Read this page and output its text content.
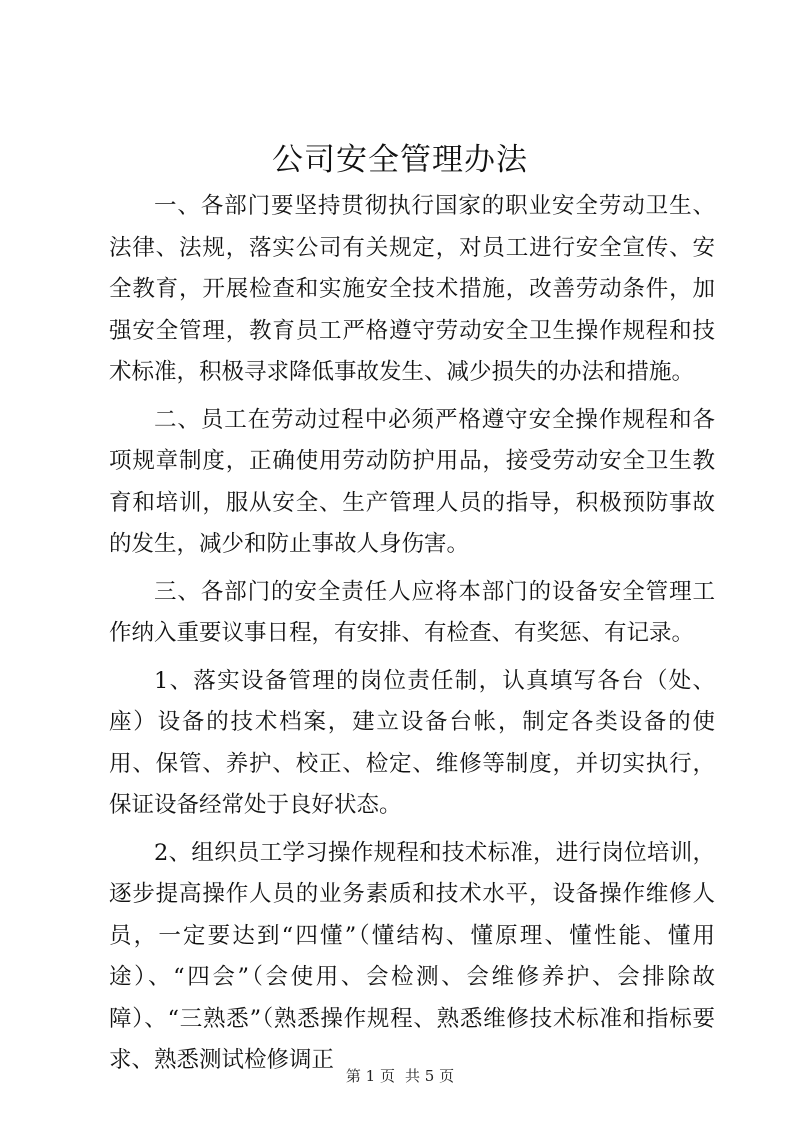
公司安全管理办法

一、各部门要坚持贯彻执行国家的职业安全劳动卫生、法律、法规，落实公司有关规定，对员工进行安全宣传、安全教育，开展检查和实施安全技术措施，改善劳动条件，加强安全管理，教育员工严格遵守劳动安全卫生操作规程和技术标准，积极寻求降低事故发生、减少损失的办法和措施。

二、员工在劳动过程中必须严格遵守安全操作规程和各项规章制度，正确使用劳动防护用品，接受劳动安全卫生教育和培训，服从安全、生产管理人员的指导，积极预防事故的发生，减少和防止事故人身伤害。

三、各部门的安全责任人应将本部门的设备安全管理工作纳入重要议事日程，有安排、有检查、有奖惩、有记录。

1、落实设备管理的岗位责任制，认真填写各台（处、座）设备的技术档案，建立设备台帐，制定各类设备的使用、保管、养护、校正、检定、维修等制度，并切实执行，保证设备经常处于良好状态。

2、组织员工学习操作规程和技术标准，进行岗位培训，逐步提高操作人员的业务素质和技术水平，设备操作维修人员，一定要达到“四懂”（懂结构、懂原理、懂性能、懂用途）、“四会”（会使用、会检测、会维修养护、会排除故障）、“三熟悉”（熟悉操作规程、熟悉维修技术标准和指标要求、熟悉测试检修调正

第 1 页 共 5 页
